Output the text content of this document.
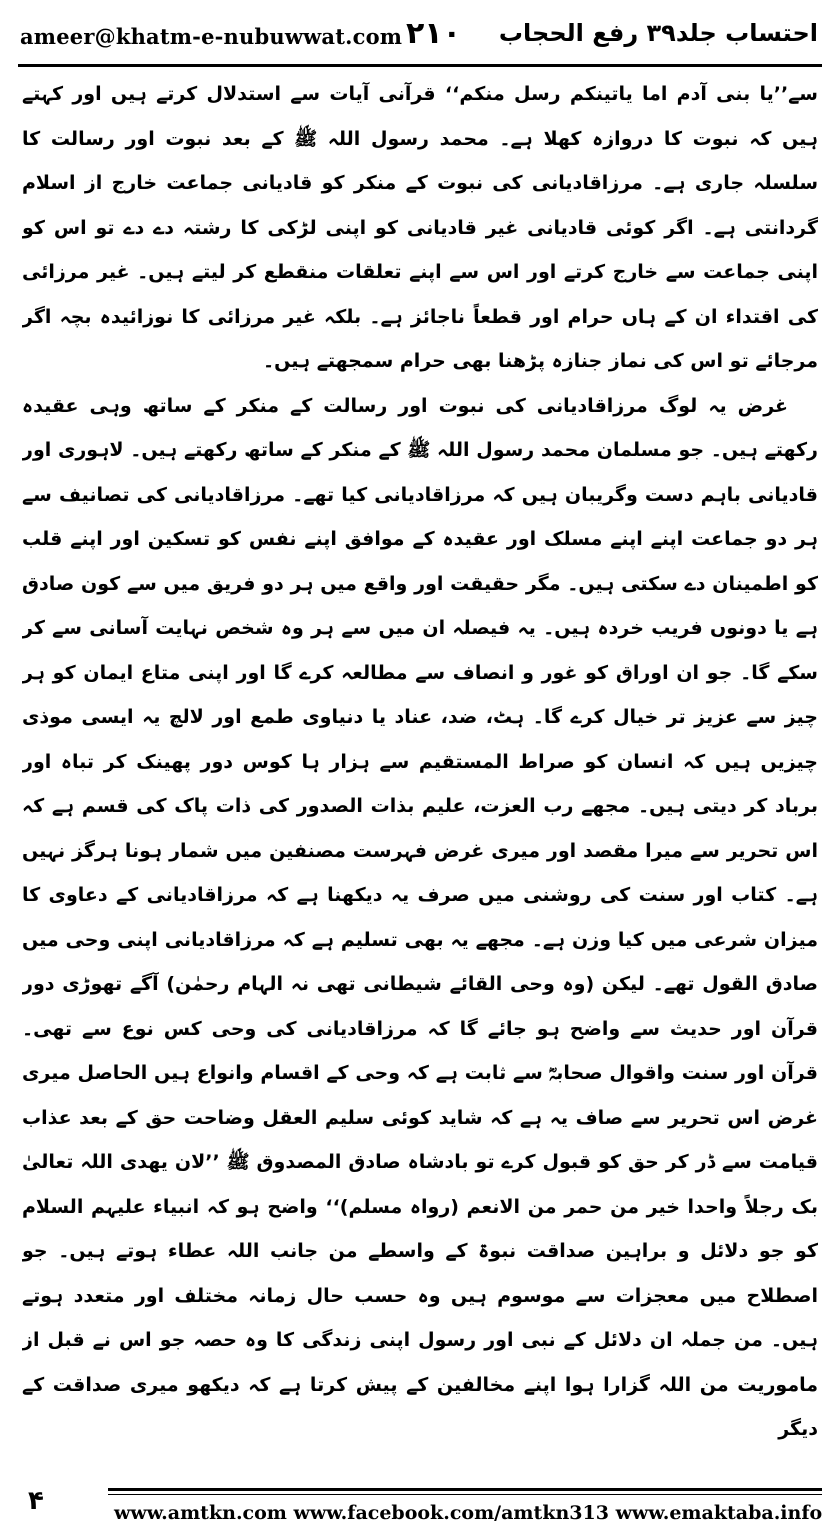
ameer@khatm-e-nubuwwat.com ۲۱۰ احتساب جلد۳۹ رفع الحجاب

سے’’یا بنی آدم اما یاتینکم رسل منکم‘‘ قرآنی آیات سے استدلال کرتے ہیں اور کہتے ہیں کہ نبوت کا دروازہ کھلا ہے۔ محمد رسول اللہ ﷺ کے بعد نبوت اور رسالت کا سلسلہ جاری ہے۔ مرزاقادیانی کی نبوت کے منکر کو قادیانی جماعت خارج از اسلام گردانتی ہے۔ اگر کوئی قادیانی غیر قادیانی کو اپنی لڑکی کا رشتہ دے دے تو اس کو اپنی جماعت سے خارج کرتے اور اس سے اپنے تعلقات منقطع کر لیتے ہیں۔ غیر مرزائی کی اقتداء ان کے ہاں حرام اور قطعاً ناجائز ہے۔ بلکہ غیر مرزائی کا نوزائیدہ بچہ اگر مرجائے تو اس کی نماز جنازہ پڑھنا بھی حرام سمجھتے ہیں۔

غرض یہ لوگ مرزاقادیانی کی نبوت اور رسالت کے منکر کے ساتھ وہی عقیدہ رکھتے ہیں۔ جو مسلمان محمد رسول اللہ ﷺ کے منکر کے ساتھ رکھتے ہیں۔ لاہوری اور قادیانی باہم دست وگریبان ہیں کہ مرزاقادیانی کیا تھے۔ مرزاقادیانی کی تصانیف سے ہر دو جماعت اپنے اپنے مسلک اور عقیدہ کے موافق اپنے نفس کو تسکین اور اپنے قلب کو اطمینان دے سکتی ہیں۔ مگر حقیقت اور واقع میں ہر دو فریق میں سے کون صادق ہے یا دونوں فریب خردہ ہیں۔ یہ فیصلہ ان میں سے ہر وہ شخص نہایت آسانی سے کر سکے گا۔ جو ان اوراق کو غور و انصاف سے مطالعہ کرے گا اور اپنی متاع ایمان کو ہر چیز سے عزیز تر خیال کرے گا۔ ہٹ، ضد، عناد یا دنیاوی طمع اور لالچ یہ ایسی موذی چیزیں ہیں کہ انسان کو صراط المستقیم سے ہزار ہا کوس دور پھینک کر تباہ اور برباد کر دیتی ہیں۔ مجھے رب العزت، علیم بذات الصدور کی ذات پاک کی قسم ہے کہ اس تحریر سے میرا مقصد اور میری غرض فہرست مصنفین میں شمار ہونا ہرگز نہیں ہے۔ کتاب اور سنت کی روشنی میں صرف یہ دیکھنا ہے کہ مرزاقادیانی کے دعاوی کا میزان شرعی میں کیا وزن ہے۔ مجھے یہ بھی تسلیم ہے کہ مرزاقادیانی اپنی وحی میں صادق القول تھے۔ لیکن (وہ وحی القائے شیطانی تھی نہ الہام رحمٰن) آگے تھوڑی دور قرآن اور حدیث سے واضح ہو جائے گا کہ مرزاقادیانی کی وحی کس نوع سے تھی۔ قرآن اور سنت واقوال صحابہؓ سے ثابت ہے کہ وحی کے اقسام وانواع ہیں الحاصل میری غرض اس تحریر سے صاف یہ ہے کہ شاید کوئی سلیم العقل وضاحت حق کے بعد عذاب قیامت سے ڈر کر حق کو قبول کرے تو بادشاہ صادق المصدوق ﷺ ’’لان یھدی اللہ تعالیٰ بک رجلاً واحدا خیر من حمر من الانعم (رواہ مسلم)‘‘ واضح ہو کہ انبیاء علیہم السلام کو جو دلائل و براہین صداقت نبوۃ کے واسطے من جانب اللہ عطاء ہوتے ہیں۔ جو اصطلاح میں معجزات سے موسوم ہیں وہ حسب حال زمانہ مختلف اور متعدد ہوتے ہیں۔ من جملہ ان دلائل کے نبی اور رسول اپنی زندگی کا وہ حصہ جو اس نے قبل از ماموریت من اللہ گزارا ہوا اپنے مخالفین کے پیش کرتا ہے کہ دیکھو میری صداقت کے دیگر

۴	www.amtkn.com www.facebook.com/amtkn313 www.emaktaba.info
